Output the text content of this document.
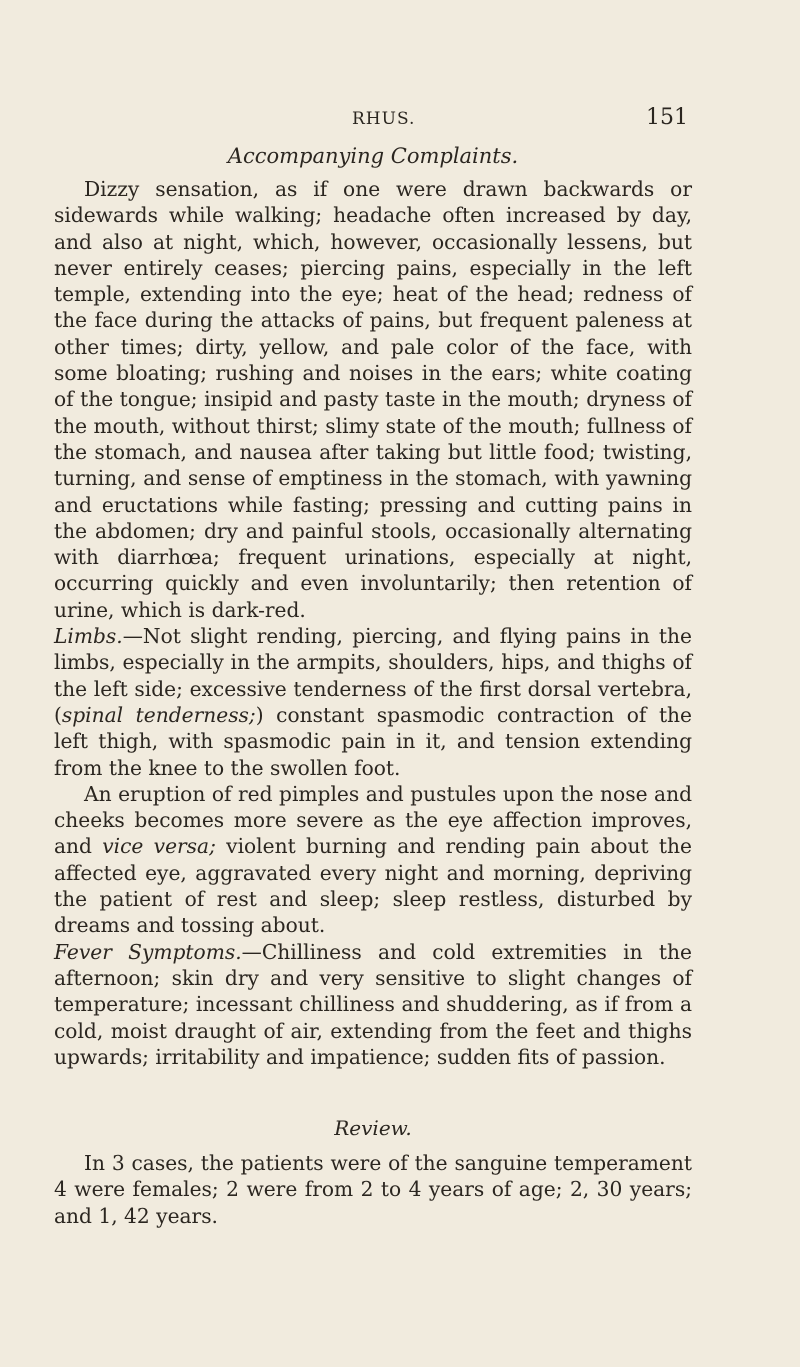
RHUS.	151
Accompanying Complaints.

Dizzy sensation, as if one were drawn backwards or sidewards while walking; headache often increased by day, and also at night, which, however, occasionally lessens, but never entirely ceases; piercing pains, especially in the left temple, extending into the eye; heat of the head; redness of the face during the attacks of pains, but frequent paleness at other times; dirty, yellow, and pale color of the face, with some bloating; rushing and noises in the ears; white coating of the tongue; insipid and pasty taste in the mouth; dryness of the mouth, without thirst; slimy state of the mouth; fullness of the stomach, and nausea after taking but little food; twisting, turning, and sense of emptiness in the stomach, with yawning and eructations while fasting; pressing and cutting pains in the abdomen; dry and painful stools, occasionally alternating with diarrhœa; frequent urinations, especially at night, occurring quickly and even involuntarily; then retention of urine, which is dark-red.

Limbs.—Not slight rending, piercing, and flying pains in the limbs, especially in the armpits, shoulders, hips, and thighs of the left side; excessive tenderness of the first dorsal vertebra, (spinal tenderness;) constant spasmodic contraction of the left thigh, with spasmodic pain in it, and tension extending from the knee to the swollen foot.

An eruption of red pimples and pustules upon the nose and cheeks becomes more severe as the eye affection improves, and vice versa; violent burning and rending pain about the affected eye, aggravated every night and morning, depriving the patient of rest and sleep; sleep restless, disturbed by dreams and tossing about.

Fever Symptoms.—Chilliness and cold extremities in the afternoon; skin dry and very sensitive to slight changes of temperature; incessant chilliness and shuddering, as if from a cold, moist draught of air, extending from the feet and thighs upwards; irritability and impatience; sudden fits of passion.

Review.

In 3 cases, the patients were of the sanguine temperament 4 were females; 2 were from 2 to 4 years of age; 2, 30 years; and 1, 42 years.
